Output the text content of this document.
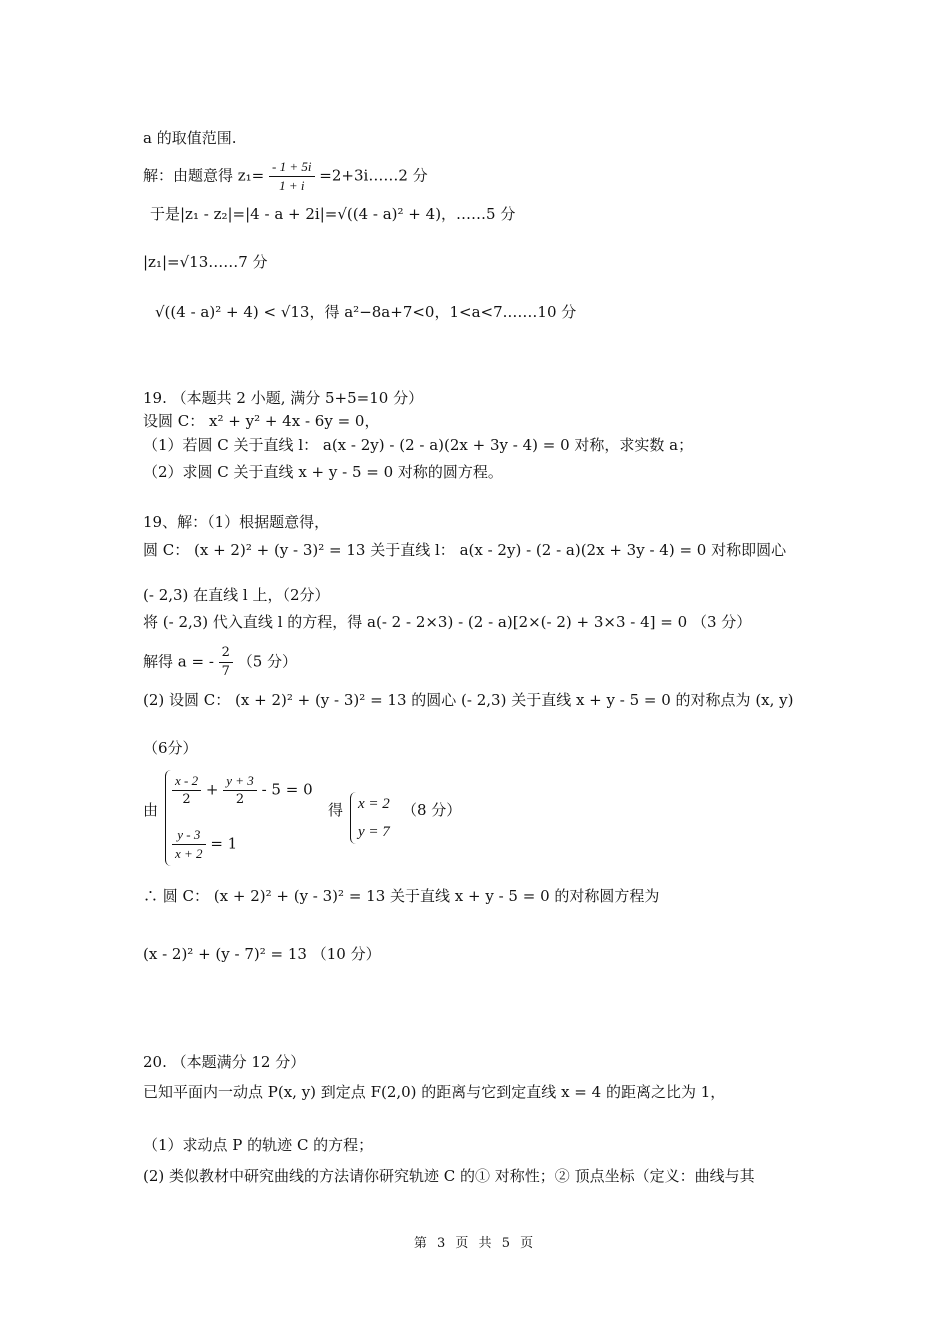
a 的取值范围.
解：由题意得 $z_1= \frac{- 1 + 5i}{1 + i}$ =2+3i……2 分
于是|z₁ - z₂|=|4 - a + 2i|=√((4 - a)² + 4)，……5 分
|z₁|=√13……7 分
√((4 - a)² + 4) < √13，得 a²−8a+7<0，1<a<7.……10 分
19. （本题共 2 小题, 满分 5+5=10 分）
设圆 C： x² + y² + 4x - 6y = 0，
（1）若圆 C 关于直线 l： a(x - 2y) - (2 - a)(2x + 3y - 4) = 0 对称，求实数 a；
（2）求圆 C 关于直线 x + y - 5 = 0 对称的圆方程。
19、解：（1）根据题意得，
圆 C： (x + 2)² + (y - 3)² = 13 关于直线 l： a(x - 2y) - (2 - a)(2x + 3y - 4) = 0 对称即圆心
(- 2,3) 在直线 l 上，（2分）
将 (- 2,3) 代入直线 l 的方程，得 a(- 2 - 2×3) - (2 - a)[2×(- 2) + 3×3 - 4] = 0 （3 分）
解得 a = - $\frac{2}{7} (5$ 分）
(2) 设圆 C： (x + 2)² + (y - 3)² = 13 的圆心 (- 2,3) 关于直线 x + y - 5 = 0 的对称点为 (x, y)
（6分）
由
$\frac{x - 2}{2} + \frac{y + 3}{2} - 5 = 0$
$\frac{y - 3}{x + 2} = 1$
得 x = 2
y = 7
（8 分）
∴ 圆 C： (x + 2)² + (y - 3)² = 13 关于直线 x + y - 5 = 0 的对称圆方程为
(x - 2)² + (y - 7)² = 13 （10 分）
20. （本题满分 12 分）
已知平面内一动点 P(x, y) 到定点 F(2,0) 的距离与它到定直线 x = 4 的距离之比为 1，
（1）求动点 P 的轨迹 C 的方程；
(2) 类似教材中研究曲线的方法请你研究轨迹 C 的① 对称性；② 顶点坐标（定义：曲线与其
第 3 页 共 5 页
